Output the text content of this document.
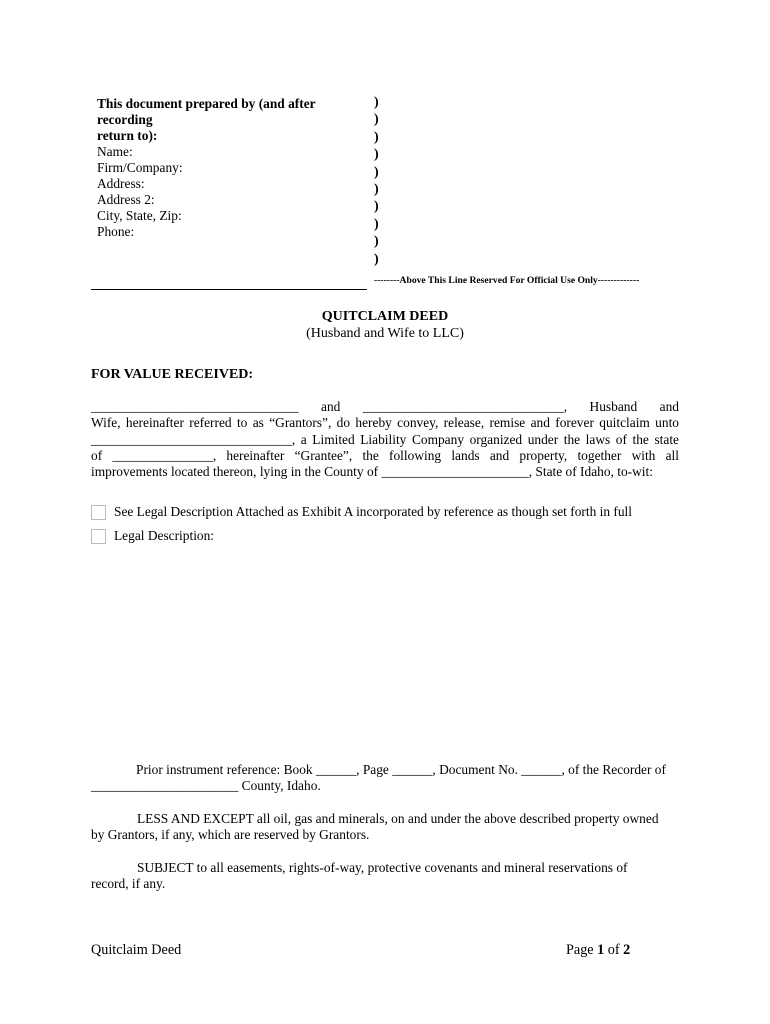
This document prepared by (and after recording
return to):
Name:
Firm/Company:
Address:
Address 2:
City, State, Zip:
Phone:
)
)
)
)
)
)
)
)
)
)
--------Above This Line Reserved For Official Use Only-------------
QUITCLAIM DEED
(Husband and Wife to LLC)
FOR VALUE RECEIVED:
_______________________________ and ______________________________, Husband and
Wife, hereinafter referred to as “Grantors”, do hereby convey, release, remise and forever quitclaim unto
______________________________, a Limited Liability Company organized under the laws of the state
of _______________, hereinafter “Grantee”, the following lands and property, together with all
improvements located thereon, lying in the County of ______________________, State of Idaho, to-wit:
See Legal Description Attached as Exhibit A incorporated by reference as though set forth in full
Legal Description:
Prior instrument reference: Book ______, Page ______, Document No. ______, of the Recorder of
______________________ County, Idaho.
LESS AND EXCEPT all oil, gas and minerals, on and under the above described property owned
by Grantors, if any, which are reserved by Grantors.
SUBJECT to all easements, rights-of-way, protective covenants and mineral reservations of
record, if any.
Quitclaim Deed	Page 1 of 2
